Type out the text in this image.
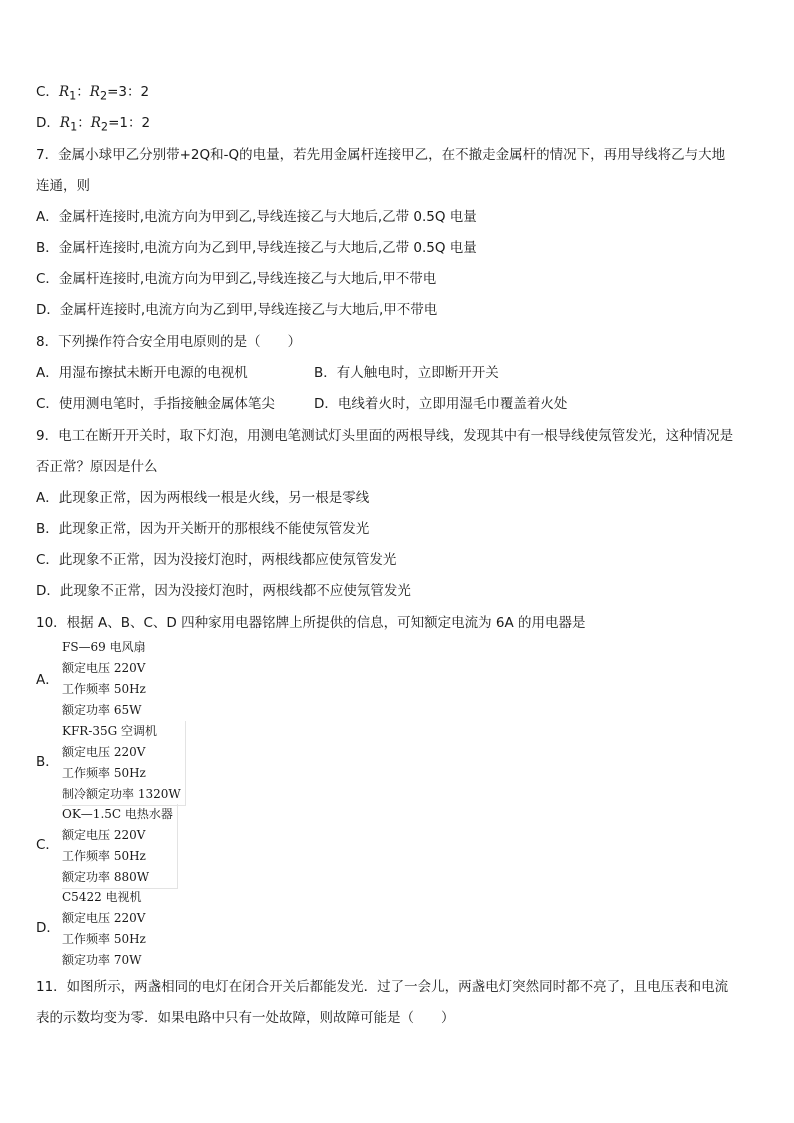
C．$R_1$：$R_2=3$：2
D．$R_1$：$R_2=1$：2
7．金属小球甲乙分别带+2Q和-Q的电量，若先用金属杆连接甲乙，在不撤走金属杆的情况下，再用导线将乙与大地
连通，则
A．金属杆连接时,电流方向为甲到乙,导线连接乙与大地后,乙带 0.5Q 电量
B．金属杆连接时,电流方向为乙到甲,导线连接乙与大地后,乙带 0.5Q 电量
C．金属杆连接时,电流方向为甲到乙,导线连接乙与大地后,甲不带电
D．金属杆连接时,电流方向为乙到甲,导线连接乙与大地后,甲不带电
8．下列操作符合安全用电原则的是（　　）
A．用湿布擦拭未断开电源的电视机	B．有人触电时，立即断开开关
C．使用测电笔时，手指接触金属体笔尖	D．电线着火时，立即用湿毛巾覆盖着火处
9．电工在断开开关时，取下灯泡，用测电笔测试灯头里面的两根导线，发现其中有一根导线使氖管发光，这种情况是
否正常？原因是什么
A．此现象正常，因为两根线一根是火线，另一根是零线
B．此现象正常，因为开关断开的那根线不能使氖管发光
C．此现象不正常，因为没接灯泡时，两根线都应使氖管发光
D．此现象不正常，因为没接灯泡时，两根线都不应使氖管发光
10．根据 A、B、C、D 四种家用电器铭牌上所提供的信息，可知额定电流为 6A 的用电器是
A．
FS—69 电风扇
额定电压 220V
工作频率 50Hz
额定功率 65W
B．
KFR-35G 空调机
额定电压 220V
工作频率 50Hz
制冷额定功率 1320W
C．
OK—1.5C 电热水器
额定电压 220V
工作频率 50Hz
额定功率 880W
D．
C5422 电视机
额定电压 220V
工作频率 50Hz
额定功率 70W
11．如图所示，两盏相同的电灯在闭合开关后都能发光．过了一会儿，两盏电灯突然同时都不亮了，且电压表和电流
表的示数均变为零．如果电路中只有一处故障，则故障可能是（　　）
